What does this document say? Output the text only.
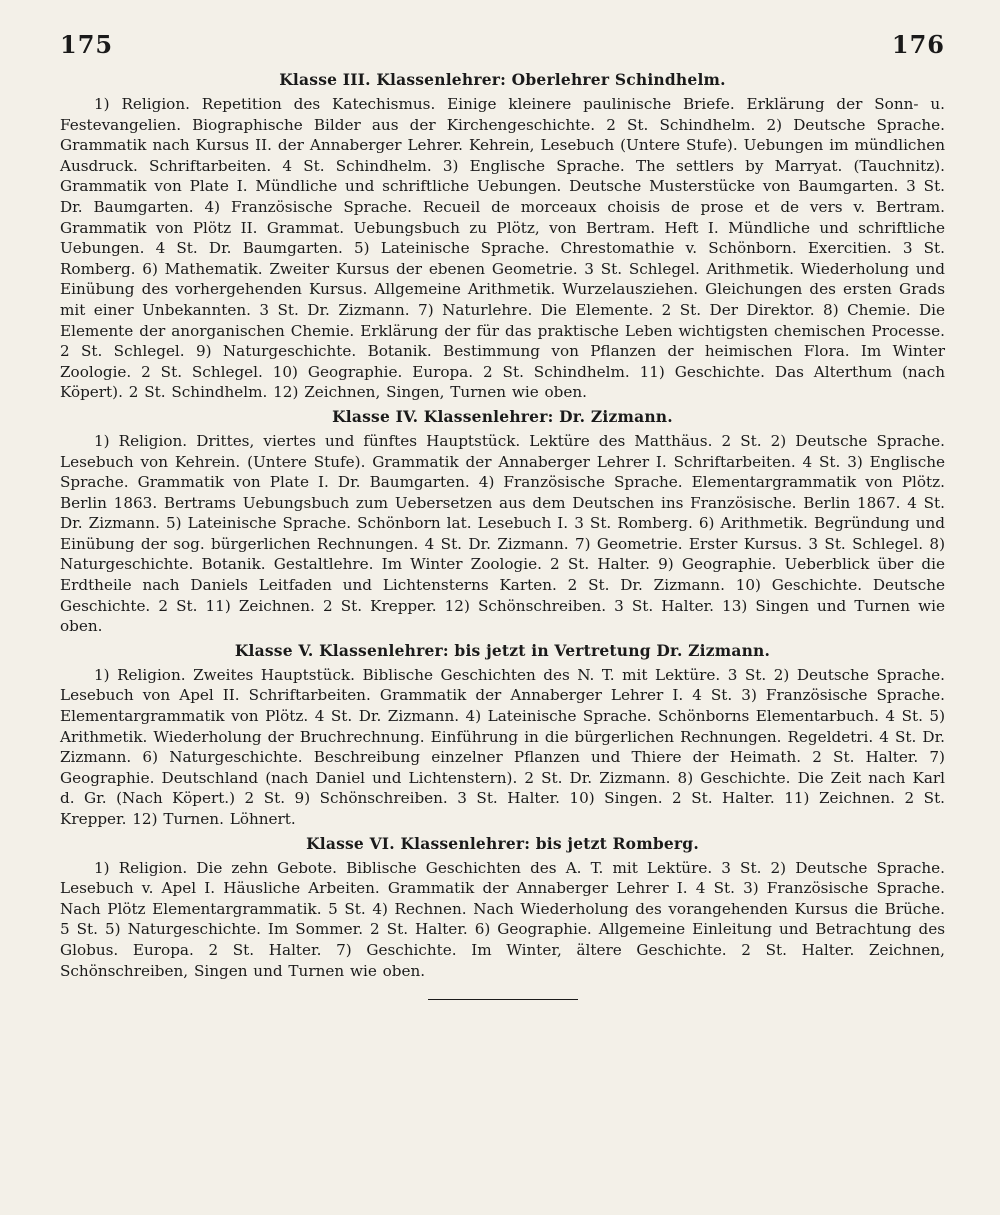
175	176
Klasse III. Klassenlehrer: Oberlehrer Schindhelm.

1) Religion. Repetition des Katechismus. Einige kleinere paulinische Briefe. Erklärung der Sonn- u. Festevangelien. Biographische Bilder aus der Kirchengeschichte. 2 St. Schindhelm. 2) Deutsche Sprache. Grammatik nach Kursus II. der Annaberger Lehrer. Kehrein, Lesebuch (Untere Stufe). Uebungen im mündlichen Ausdruck. Schriftarbeiten. 4 St. Schindhelm. 3) Englische Sprache. The settlers by Marryat. (Tauchnitz). Grammatik von Plate I. Mündliche und schriftliche Uebungen. Deutsche Musterstücke von Baumgarten. 3 St. Dr. Baumgarten. 4) Französische Sprache. Recueil de morceaux choisis de prose et de vers v. Bertram. Grammatik von Plötz II. Grammat. Uebungsbuch zu Plötz, von Bertram. Heft I. Mündliche und schriftliche Uebungen. 4 St. Dr. Baumgarten. 5) Lateinische Sprache. Chrestomathie v. Schönborn. Exercitien. 3 St. Romberg. 6) Mathematik. Zweiter Kursus der ebenen Geometrie. 3 St. Schlegel. Arithmetik. Wiederholung und Einübung des vorhergehenden Kursus. Allgemeine Arithmetik. Wurzelausziehen. Gleichungen des ersten Grads mit einer Unbekannten. 3 St. Dr. Zizmann. 7) Naturlehre. Die Elemente. 2 St. Der Direktor. 8) Chemie. Die Elemente der anorganischen Chemie. Erklärung der für das praktische Leben wichtigsten chemischen Processe. 2 St. Schlegel. 9) Naturgeschichte. Botanik. Bestimmung von Pflanzen der heimischen Flora. Im Winter Zoologie. 2 St. Schlegel. 10) Geographie. Europa. 2 St. Schindhelm. 11) Geschichte. Das Alterthum (nach Köpert). 2 St. Schindhelm. 12) Zeichnen, Singen, Turnen wie oben.

Klasse IV. Klassenlehrer: Dr. Zizmann.

1) Religion. Drittes, viertes und fünftes Hauptstück. Lektüre des Matthäus. 2 St. 2) Deutsche Sprache. Lesebuch von Kehrein. (Untere Stufe). Grammatik der Annaberger Lehrer I. Schriftarbeiten. 4 St. 3) Englische Sprache. Grammatik von Plate I. Dr. Baumgarten. 4) Französische Sprache. Elementargrammatik von Plötz. Berlin 1863. Bertrams Uebungsbuch zum Uebersetzen aus dem Deutschen ins Französische. Berlin 1867. 4 St. Dr. Zizmann. 5) Lateinische Sprache. Schönborn lat. Lesebuch I. 3 St. Romberg. 6) Arithmetik. Begründung und Einübung der sog. bürgerlichen Rechnungen. 4 St. Dr. Zizmann. 7) Geometrie. Erster Kursus. 3 St. Schlegel. 8) Naturgeschichte. Botanik. Gestaltlehre. Im Winter Zoologie. 2 St. Halter. 9) Geographie. Ueberblick über die Erdtheile nach Daniels Leitfaden und Lichtensterns Karten. 2 St. Dr. Zizmann. 10) Geschichte. Deutsche Geschichte. 2 St. 11) Zeichnen. 2 St. Krepper. 12) Schönschreiben. 3 St. Halter. 13) Singen und Turnen wie oben.

Klasse V. Klassenlehrer: bis jetzt in Vertretung Dr. Zizmann.

1) Religion. Zweites Hauptstück. Biblische Geschichten des N. T. mit Lektüre. 3 St. 2) Deutsche Sprache. Lesebuch von Apel II. Schriftarbeiten. Grammatik der Annaberger Lehrer I. 4 St. 3) Französische Sprache. Elementargrammatik von Plötz. 4 St. Dr. Zizmann. 4) Lateinische Sprache. Schönborns Elementarbuch. 4 St. 5) Arithmetik. Wiederholung der Bruchrechnung. Einführung in die bürgerlichen Rechnungen. Regeldetri. 4 St. Dr. Zizmann. 6) Naturgeschichte. Beschreibung einzelner Pflanzen und Thiere der Heimath. 2 St. Halter. 7) Geographie. Deutschland (nach Daniel und Lichtenstern). 2 St. Dr. Zizmann. 8) Geschichte. Die Zeit nach Karl d. Gr. (Nach Köpert.) 2 St. 9) Schönschreiben. 3 St. Halter. 10) Singen. 2 St. Halter. 11) Zeichnen. 2 St. Krepper. 12) Turnen. Löhnert.

Klasse VI. Klassenlehrer: bis jetzt Romberg.

1) Religion. Die zehn Gebote. Biblische Geschichten des A. T. mit Lektüre. 3 St. 2) Deutsche Sprache. Lesebuch v. Apel I. Häusliche Arbeiten. Grammatik der Annaberger Lehrer I. 4 St. 3) Französische Sprache. Nach Plötz Elementargrammatik. 5 St. 4) Rechnen. Nach Wiederholung des vorangehenden Kursus die Brüche. 5 St. 5) Naturgeschichte. Im Sommer. 2 St. Halter. 6) Geographie. Allgemeine Einleitung und Betrachtung des Globus. Europa. 2 St. Halter. 7) Geschichte. Im Winter, ältere Geschichte. 2 St. Halter. Zeichnen, Schönschreiben, Singen und Turnen wie oben.
